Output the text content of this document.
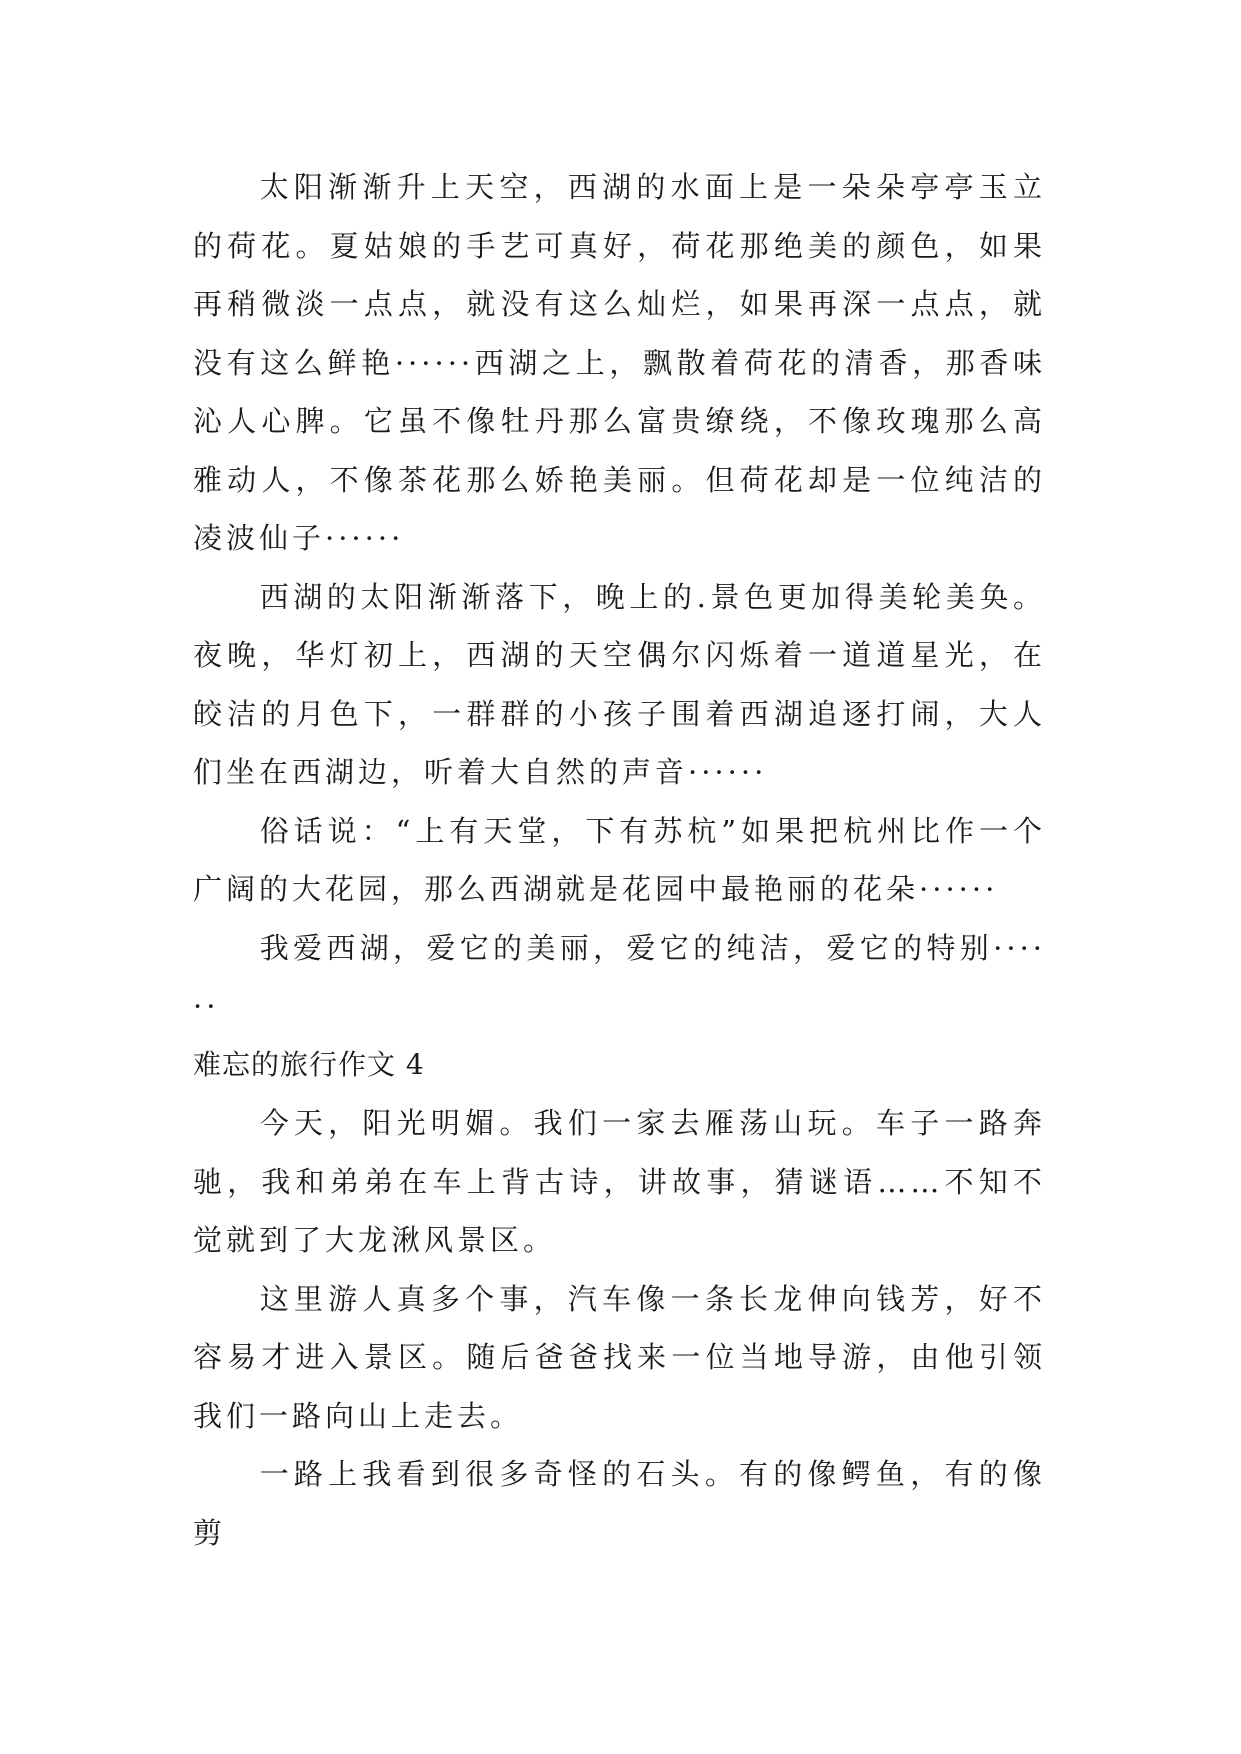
太阳渐渐升上天空，西湖的水面上是一朵朵亭亭玉立的荷花。夏姑娘的手艺可真好，荷花那绝美的颜色，如果再稍微淡一点点，就没有这么灿烂，如果再深一点点，就没有这么鲜艳······西湖之上，飘散着荷花的清香，那香味沁人心脾。它虽不像牡丹那么富贵缭绕，不像玫瑰那么高雅动人，不像茶花那么娇艳美丽。但荷花却是一位纯洁的凌波仙子······

西湖的太阳渐渐落下，晚上的.景色更加得美轮美奂。夜晚，华灯初上，西湖的天空偶尔闪烁着一道道星光，在皎洁的月色下，一群群的小孩子围着西湖追逐打闹，大人们坐在西湖边，听着大自然的声音······

俗话说：“上有天堂，下有苏杭”如果把杭州比作一个广阔的大花园，那么西湖就是花园中最艳丽的花朵······

我爱西湖，爱它的美丽，爱它的纯洁，爱它的特别······

难忘的旅行作文 4

今天，阳光明媚。我们一家去雁荡山玩。车子一路奔驰，我和弟弟在车上背古诗，讲故事，猜谜语……不知不觉就到了大龙湫风景区。

这里游人真多个事，汽车像一条长龙伸向钱芳，好不容易才进入景区。随后爸爸找来一位当地导游，由他引领我们一路向山上走去。

一路上我看到很多奇怪的石头。有的像鳄鱼，有的像剪
